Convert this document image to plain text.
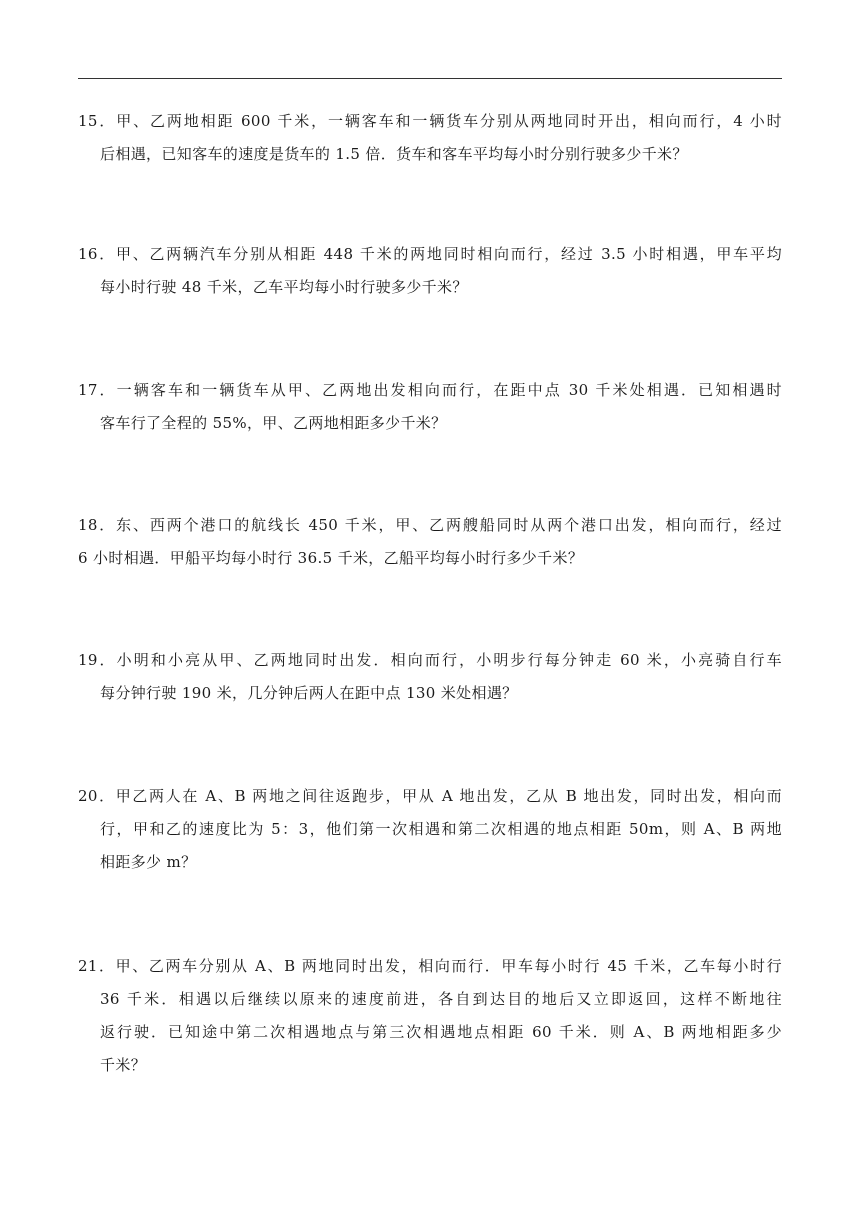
15．甲、乙两地相距 600 千米，一辆客车和一辆货车分别从两地同时开出，相向而行，4 小时
后相遇，已知客车的速度是货车的 1.5 倍．货车和客车平均每小时分别行驶多少千米？
16．甲、乙两辆汽车分别从相距 448 千米的两地同时相向而行，经过 3.5 小时相遇，甲车平均
每小时行驶 48 千米，乙车平均每小时行驶多少千米？
17．一辆客车和一辆货车从甲、乙两地出发相向而行，在距中点 30 千米处相遇．已知相遇时
客车行了全程的 55%，甲、乙两地相距多少千米？
18．东、西两个港口的航线长 450 千米，甲、乙两艘船同时从两个港口出发，相向而行，经过
6 小时相遇．甲船平均每小时行 36.5 千米，乙船平均每小时行多少千米？
19．小明和小亮从甲、乙两地同时出发．相向而行，小明步行每分钟走 60 米，小亮骑自行车
每分钟行驶 190 米，几分钟后两人在距中点 130 米处相遇？
20．甲乙两人在 A、B 两地之间往返跑步，甲从 A 地出发，乙从 B 地出发，同时出发，相向而
行，甲和乙的速度比为 5：3，他们第一次相遇和第二次相遇的地点相距 50m，则 A、B 两地
相距多少 m？
21．甲、乙两车分别从 A、B 两地同时出发，相向而行．甲车每小时行 45 千米，乙车每小时行
36 千米．相遇以后继续以原来的速度前进，各自到达目的地后又立即返回，这样不断地往
返行驶．已知途中第二次相遇地点与第三次相遇地点相距 60 千米．则 A、B 两地相距多少
千米？
